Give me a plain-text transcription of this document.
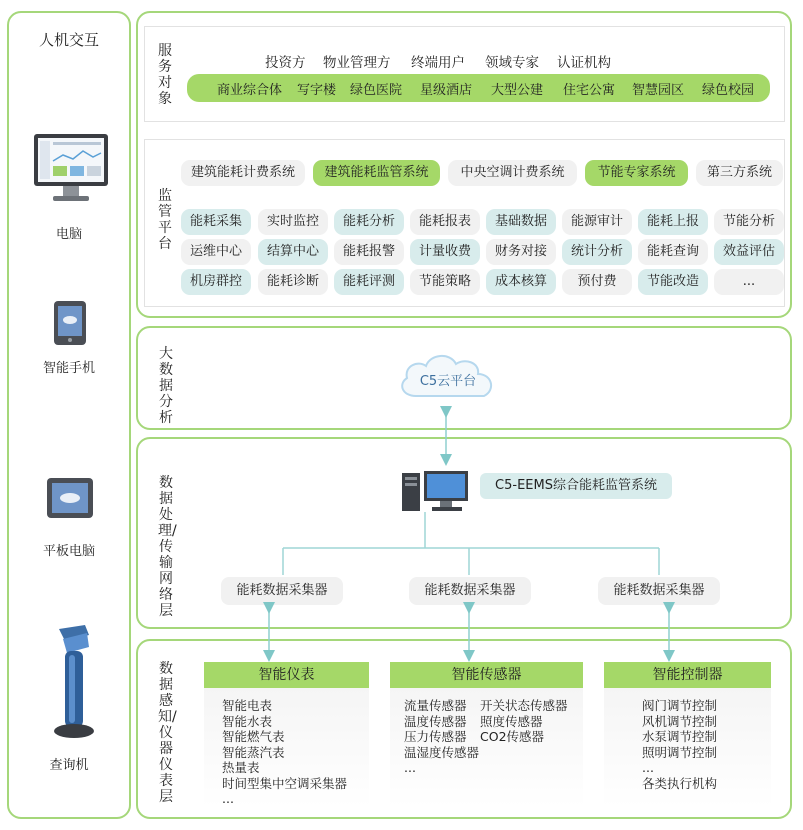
人机交互
电脑
智能手机
平板电脑
查询机
服务对象
投资方 物业管理方 终端用户 领域专家 认证机构
商业综合体 写字楼 绿色医院 星级酒店 大型公建 住宅公寓 智慧园区 绿色校园
监管平台
建筑能耗计费系统	建筑能耗监管系统	中央空调计费系统	节能专家系统	第三方系统
能耗采集	实时监控	能耗分析	能耗报表	基础数据	能源审计	能耗上报	节能分析
运维中心	结算中心	能耗报警	计量收费	财务对接	统计分析	能耗查询	效益评估
机房群控	能耗诊断	能耗评测	节能策略	成本核算	预付费	节能改造	...
大数据分析
C5云平台
数据处理/传输网络层
C5-EEMS综合能耗监管系统
能耗数据采集器	能耗数据采集器	能耗数据采集器
数据感知/仪器仪表层
智能仪表
智能电表
智能水表
智能燃气表
智能蒸汽表
热量表
时间型集中空调采集器
...
智能传感器
流量传感器 开关状态传感器
温度传感器 照度传感器
压力传感器 CO2传感器
温湿度传感器
...
智能控制器
阀门调节控制
风机调节控制
水泵调节控制
照明调节控制
...
各类执行机构
